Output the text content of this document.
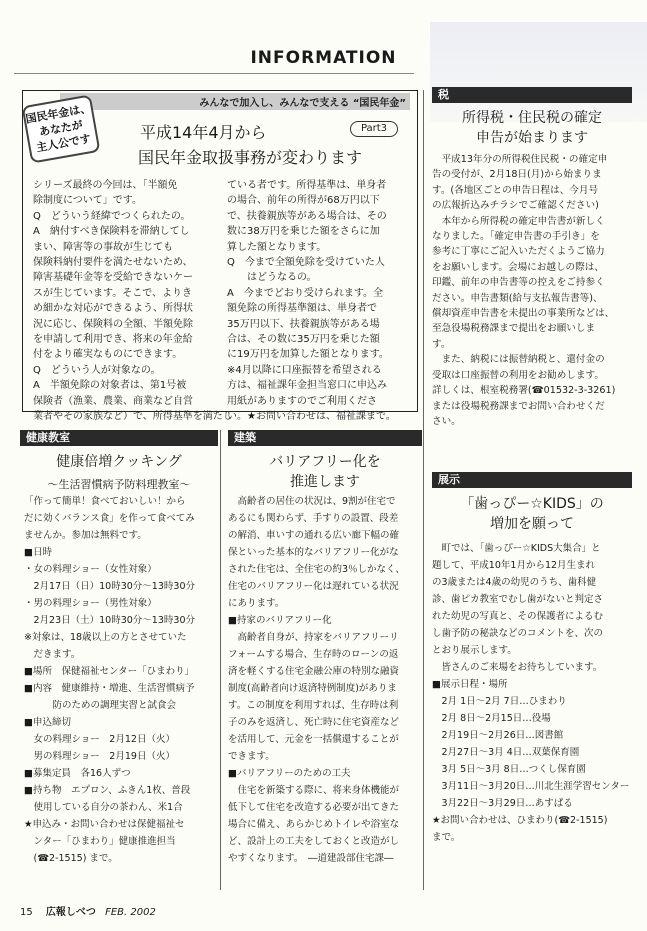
INFORMATION
みんなで加入し、みんなで支える “国民年金”
国民年金は、
あなたが
主人公です	平成14年4月から
国民年金取扱事務が変わります
Part3
シリーズ最終の今回は、「半額免
除制度について」です。
Q　どういう経緯でつくられたの。
A　納付すべき保険料を滞納してし
まい、障害等の事故が生じても
保険料納付要件を満たせないため、
障害基礎年金等を受給できないケー
スが生じています。そこで、よりき
め細かな対応ができるよう、所得状
況に応じ、保険料の全額、半額免除
を申請して利用でき、将来の年金給
付をより確実なものにできます。
Q　どういう人が対象なの。
A　半額免除の対象者は、第1号被
保険者（漁業、農業、商業など自営
業者やその家族など）で、所得基準を満たし
ている者です。所得基準は、単身者
の場合、前年の所得が68万円以下
で、扶養親族等がある場合は、その
数に38万円を乗じた額をさらに加
算した額となります。
Q　今まで全額免除を受けていた人
　　はどうなるの。
A　今までどおり受けられます。全
額免除の所得基準額は、単身者で
35万円以下、扶養親族等がある場
合は、その数に35万円を乗じた額
に19万円を加算した額となります。
※4月以降に口座振替を希望される
方は、福祉課年金担当窓口に申込み
用紙がありますのでご利用くださ
い。★お問い合わせは、福祉課まで。
税
所得税・住民税の確定
申告が始まります
　平成13年分の所得税住民税・の確定申
告の受付が、2月18日(月)から始まりま
す。(各地区ごとの申告日程は、今月号
の広報折込みチラシでご確認ください)
　本年から所得税の確定申告書が新しく
なりました。「確定申告書の手引き」を
参考に丁寧にご記入いただくようご協力
をお願いします。会場にお越しの際は、
印鑑、前年の申告書等の控えをご持参く
ださい。申告書類(給与支払報告書等)、
償却資産申告書を未提出の事業所などは、
至急役場税務課まで提出をお願いしま
す。
　また、納税には振替納税と、還付金の
受取は口座振替の利用をお勧めします。
詳しくは、根室税務署(☎01532-3-3261)
または役場税務課までお問い合わせくだ
さい。
健康教室
健康倍増クッキング
〜生活習慣病予防料理教室〜
「作って簡単！食べておいしい！から
だに効くバランス食」を作って食べてみ
ませんか。参加は無料です。
■日時
・女の料理ショー（女性対象）
　2月17日（日）10時30分〜13時30分
・男の料理ショー（男性対象）
　2月23日（土）10時30分〜13時30分
※対象は、18歳以上の方とさせていた
　だきます。
■場所　保健福祉センター「ひまわり」
■内容　健康維持・増進、生活習慣病予
　　　防のための調理実習と試食会
■申込締切
　女の料理ショー　2月12日（火）
　男の料理ショー　2月19日（火）
■募集定員　各16人ずつ
■持ち物　エプロン、ふきん1枚、普段
　使用している自分の茶わん、米1合
★申込み・お問い合わせは保健福祉セ
　ンター「ひまわり」健康推進担当
　(☎2-1515) まで。
建築
バリアフリー化を
推進します
　高齢者の居住の状況は、9割が住宅で
あるにも関わらず、手すりの設置、段差
の解消、車いすの通れる広い廊下幅の確
保といった基本的なバリアフリー化がな
された住宅は、全住宅の約3％しかなく、
住宅のバリアフリー化は遅れている状況
にあります。
■持家のバリアフリー化
　高齢者自身が、持家をバリアフリーリ
フォームする場合、生存時のローンの返
済を軽くする住宅金融公庫の特別な融資
制度(高齢者向け返済特例制度)がありま
す。この制度を利用すれば、生存時は利
子のみを返済し、死亡時に住宅資産など
を活用して、元金を一括償還することが
できます。
■バリアフリーのための工夫
　住宅を新築する際に、将来身体機能が
低下して住宅を改造する必要が出てきた
場合に備え、あらかじめトイレや浴室な
ど、設計上の工夫をしておくと改造がし
やすくなります。　―道建設部住宅課―
展示
「歯っぴー☆KIDS」の
増加を願って
　町では、「歯っぴー☆KIDS大集合」と
題して、平成10年1月から12月生まれ
の3歳または4歳の幼児のうち、歯科健
診、歯ピカ教室でむし歯がないと判定さ
れた幼児の写真と、その保護者によるむ
し歯予防の秘訣などのコメントを、次の
とおり展示します。
　皆さんのご来場をお待ちしています。
■展示日程・場所
　2月 1日〜2月 7日…ひまわり
　2月 8日〜2月15日…役場
　2月19日〜2月26日…図書館
　2月27日〜3月 4日…双葉保育園
　3月 5日〜3月 8日…つくし保育園
　3月11日〜3月20日…川北生涯学習センター
　3月22日〜3月29日…あすぱる
★お問い合わせは、ひまわり(☎2-1515)
まで。
15 広報しべつ FEB. 2002
